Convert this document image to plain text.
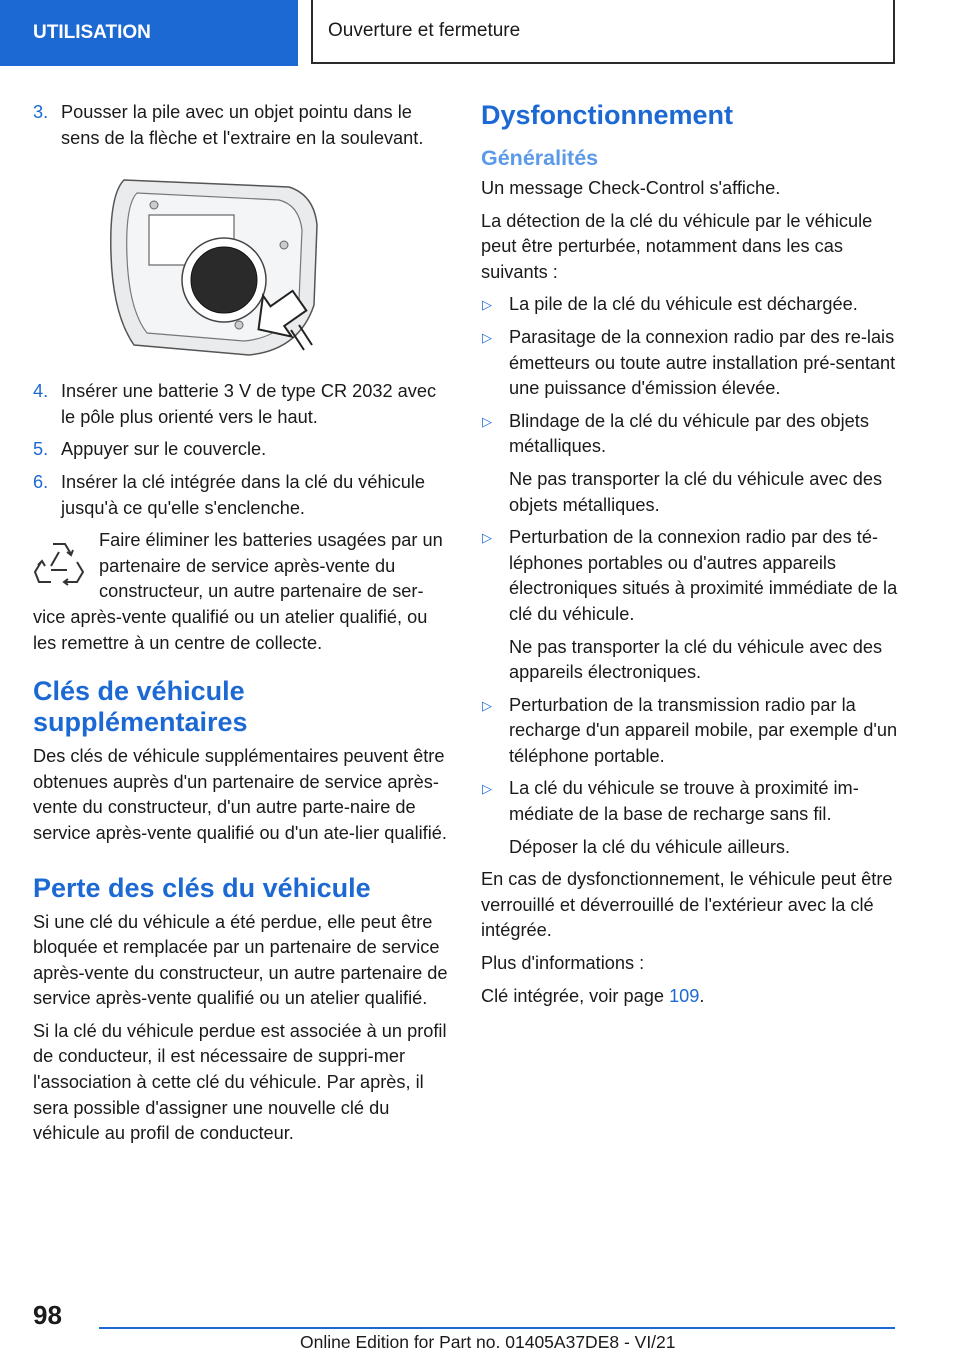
UTILISATION	Ouverture et fermeture
3. Pousser la pile avec un objet pointu dans le sens de la flèche et l'extraire en la soulevant.
4. Insérer une batterie 3 V de type CR 2032 avec le pôle plus orienté vers le haut.
5. Appuyer sur le couvercle.
6. Insérer la clé intégrée dans la clé du véhicule jusqu'à ce qu'elle s'enclenche.
Faire éliminer les batteries usagées par un partenaire de service après-vente du constructeur, un autre partenaire de ser-

vice après-vente qualifié ou un atelier qualifié, ou les remettre à un centre de collecte.

Clés de véhicule supplémentaires

Des clés de véhicule supplémentaires peuvent être obtenues auprès d'un partenaire de service après-vente du constructeur, d'un autre parte-naire de service après-vente qualifié ou d'un ate-lier qualifié.

Perte des clés du véhicule

Si une clé du véhicule a été perdue, elle peut être bloquée et remplacée par un partenaire de service après-vente du constructeur, un autre partenaire de service après-vente qualifié ou un atelier qualifié.

Si la clé du véhicule perdue est associée à un profil de conducteur, il est nécessaire de suppri-mer l'association à cette clé du véhicule. Par après, il sera possible d'assigner une nouvelle clé du véhicule au profil de conducteur.

Dysfonctionnement
Généralités

Un message Check-Control s'affiche.

La détection de la clé du véhicule par le véhicule peut être perturbée, notamment dans les cas suivants :

▷ La pile de la clé du véhicule est déchargée.
▷ Parasitage de la connexion radio par des re-lais émetteurs ou toute autre installation pré-sentant une puissance d'émission élevée.
▷ Blindage de la clé du véhicule par des objets métalliques.
Ne pas transporter la clé du véhicule avec des objets métalliques.
▷ Perturbation de la connexion radio par des té-léphones portables ou d'autres appareils électroniques situés à proximité immédiate de la clé du véhicule.
Ne pas transporter la clé du véhicule avec des appareils électroniques.
▷ Perturbation de la transmission radio par la recharge d'un appareil mobile, par exemple d'un téléphone portable.
▷ La clé du véhicule se trouve à proximité im-médiate de la base de recharge sans fil.
Déposer la clé du véhicule ailleurs.

En cas de dysfonctionnement, le véhicule peut être verrouillé et déverrouillé de l'extérieur avec la clé intégrée.

Plus d'informations :

Clé intégrée, voir page 109.

98
Online Edition for Part no. 01405A37DE8 - VI/21
